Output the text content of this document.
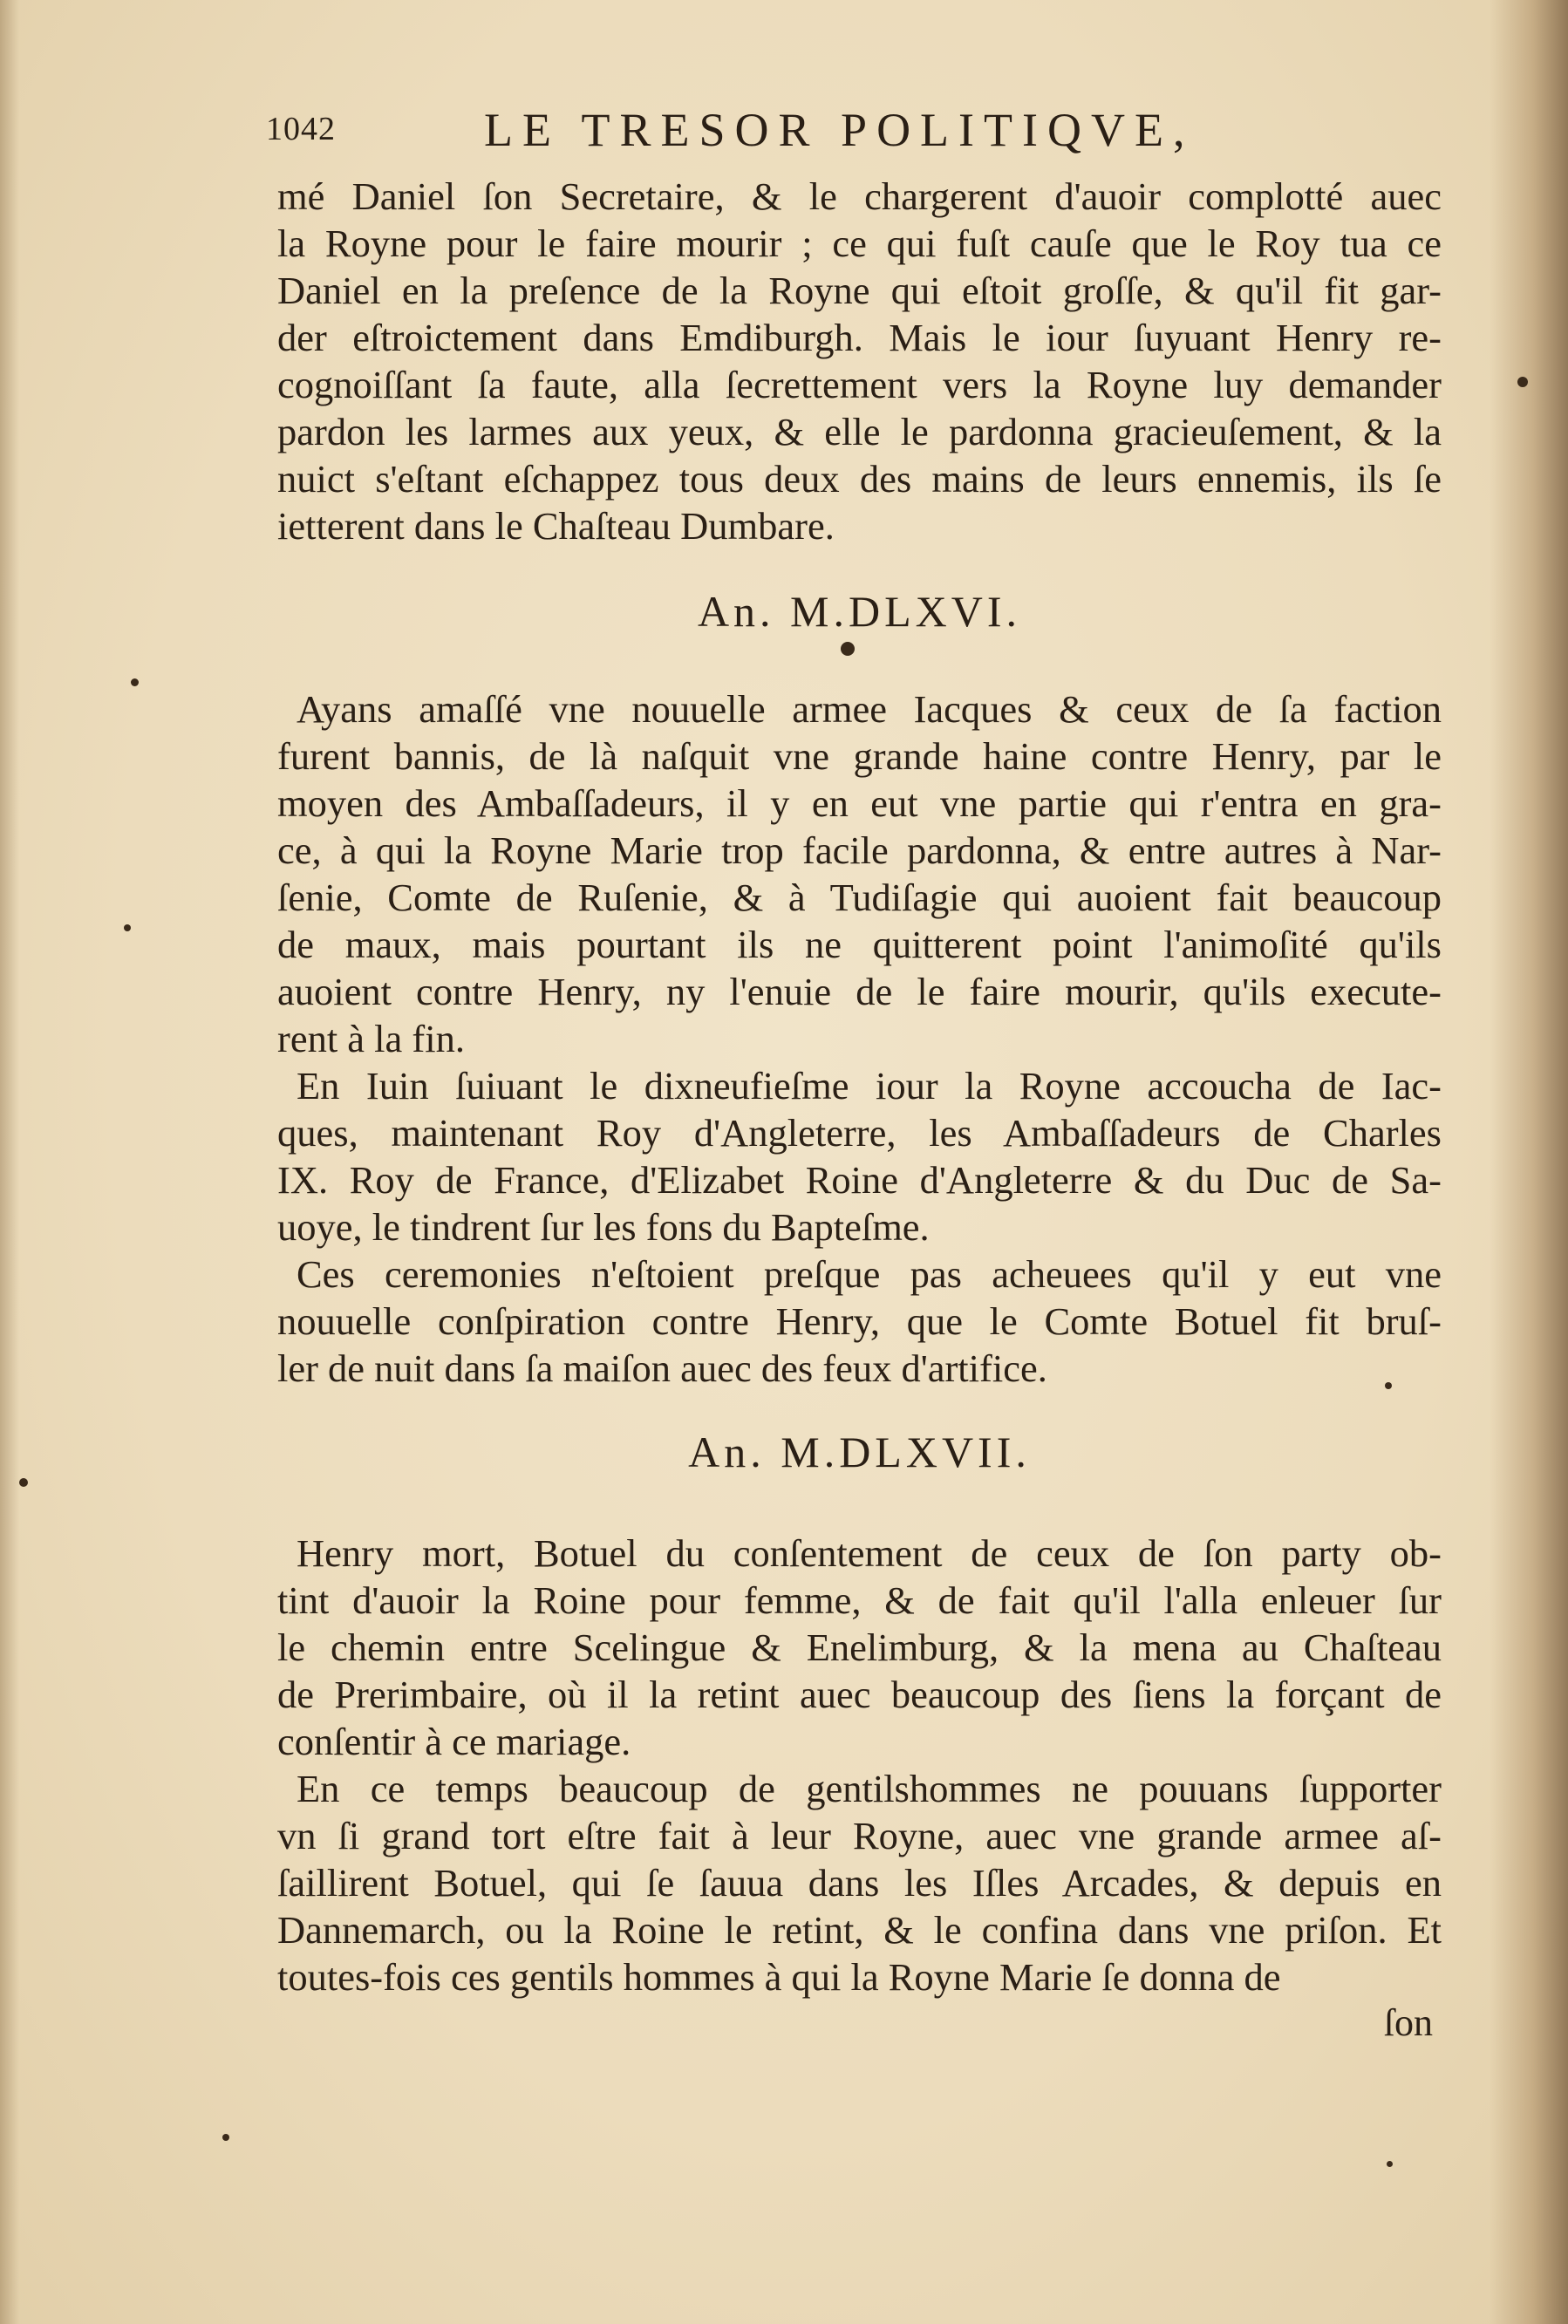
1042	LE TRESOR POLITIQVE,

mé Daniel ſon Secretaire, & le chargerent d'auoir complotté auec
la Royne pour le faire mourir ; ce qui fuſt cauſe que le Roy tua ce
Daniel en la preſence de la Royne qui eſtoit groſſe, & qu'il fit gar-
der eſtroictement dans Emdiburgh. Mais le iour ſuyuant Henry re-
cognoiſſant ſa faute, alla ſecrettement vers la Royne luy demander
pardon les larmes aux yeux, & elle le pardonna gracieuſement, & la
nuict s'eſtant eſchappez tous deux des mains de leurs ennemis, ils ſe
ietterent dans le Chaſteau Dumbare.

An. M.DLXVI.

Ayans amaſſé vne nouuelle armee Iacques & ceux de ſa faction
furent bannis, de là naſquit vne grande haine contre Henry, par le
moyen des Ambaſſadeurs, il y en eut vne partie qui r'entra en gra-
ce, à qui la Royne Marie trop facile pardonna, & entre autres à Nar-
ſenie, Comte de Ruſenie, & à Tudiſagie qui auoient fait beaucoup
de maux, mais pourtant ils ne quitterent point l'animoſité qu'ils
auoient contre Henry, ny l'enuie de le faire mourir, qu'ils execute-
rent à la fin.

En Iuin ſuiuant le dixneufieſme iour la Royne accoucha de Iac-
ques, maintenant Roy d'Angleterre, les Ambaſſadeurs de Charles
IX. Roy de France, d'Elizabet Roine d'Angleterre & du Duc de Sa-
uoye, le tindrent ſur les fons du Bapteſme.

Ces ceremonies n'eſtoient preſque pas acheuees qu'il y eut vne
nouuelle conſpiration contre Henry, que le Comte Botuel fit bruſ-
ler de nuit dans ſa maiſon auec des feux d'artifice.

An. M.DLXVII.

Henry mort, Botuel du conſentement de ceux de ſon party ob-
tint d'auoir la Roine pour femme, & de fait qu'il l'alla enleuer ſur
le chemin entre Scelingue & Enelimburg, & la mena au Chaſteau
de Prerimbaire, où il la retint auec beaucoup des ſiens la forçant de
conſentir à ce mariage.

En ce temps beaucoup de gentilshommes ne pouuans ſupporter
vn ſi grand tort eſtre fait à leur Royne, auec vne grande armee aſ-
ſaillirent Botuel, qui ſe ſauua dans les Iſles Arcades, & depuis en
Dannemarch, ou la Roine le retint, & le confina dans vne priſon. Et
toutes-fois ces gentils hommes à qui la Royne Marie ſe donna de

ſon
